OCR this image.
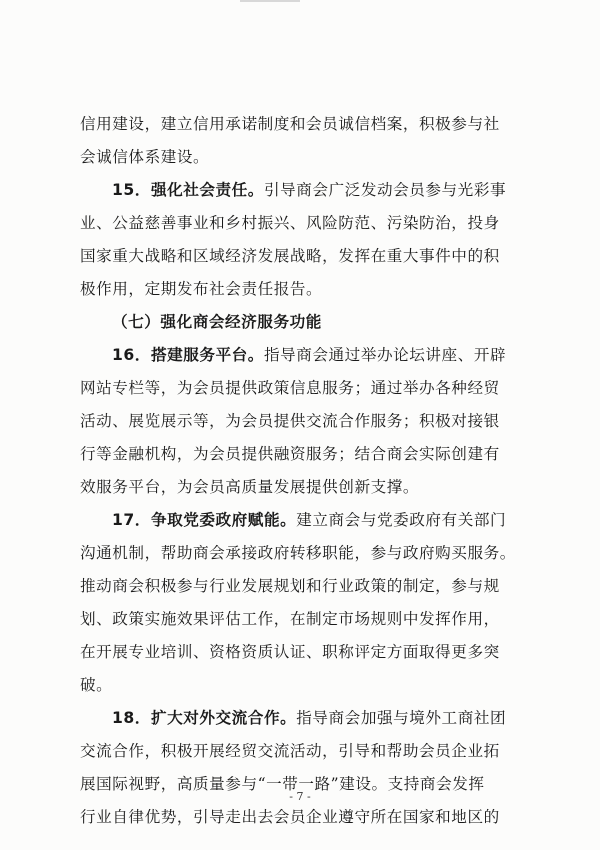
信用建设，建立信用承诺制度和会员诚信档案，积极参与社
会诚信体系建设。
15．强化社会责任。引导商会广泛发动会员参与光彩事
业、公益慈善事业和乡村振兴、风险防范、污染防治，投身
国家重大战略和区域经济发展战略，发挥在重大事件中的积
极作用，定期发布社会责任报告。
（七）强化商会经济服务功能
16．搭建服务平台。指导商会通过举办论坛讲座、开辟
网站专栏等，为会员提供政策信息服务；通过举办各种经贸
活动、展览展示等，为会员提供交流合作服务；积极对接银
行等金融机构，为会员提供融资服务；结合商会实际创建有
效服务平台，为会员高质量发展提供创新支撑。
17．争取党委政府赋能。建立商会与党委政府有关部门
沟通机制，帮助商会承接政府转移职能，参与政府购买服务。
推动商会积极参与行业发展规划和行业政策的制定，参与规
划、政策实施效果评估工作，在制定市场规则中发挥作用，
在开展专业培训、资格资质认证、职称评定方面取得更多突
破。
18．扩大对外交流合作。指导商会加强与境外工商社团
交流合作，积极开展经贸交流活动，引导和帮助会员企业拓
展国际视野，高质量参与“一带一路”建设。支持商会发挥
行业自律优势，引导走出去会员企业遵守所在国家和地区的
- 7 -
